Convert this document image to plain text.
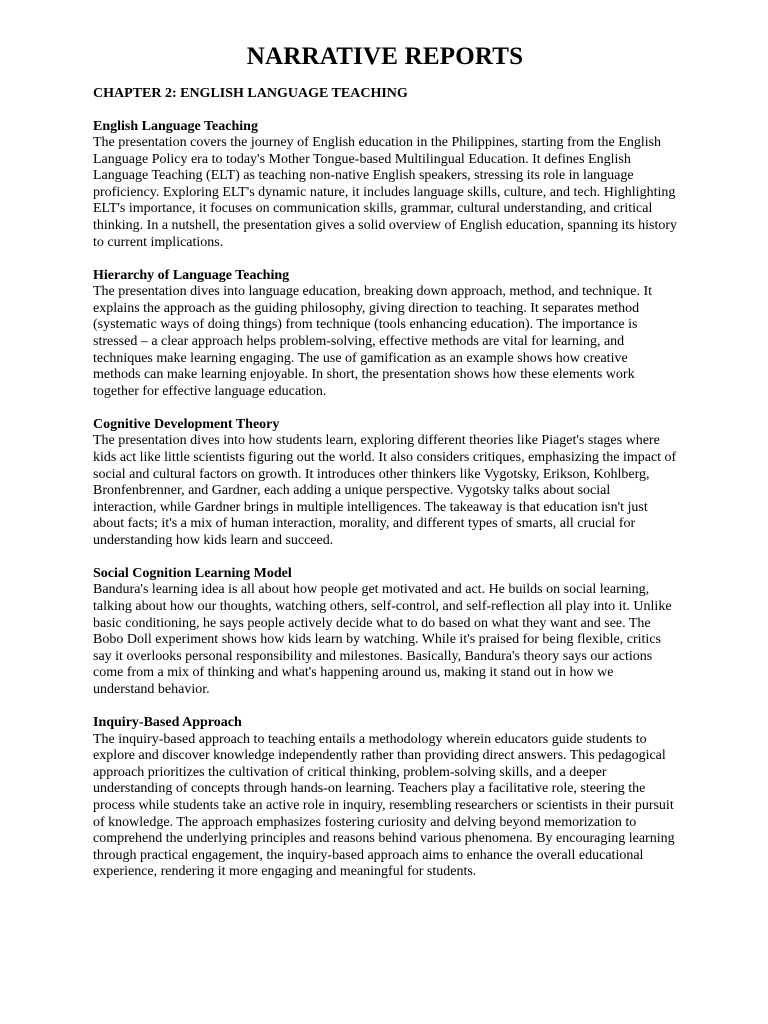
NARRATIVE REPORTS
CHAPTER 2: ENGLISH LANGUAGE TEACHING
English Language Teaching

The presentation covers the journey of English education in the Philippines, starting from the English Language Policy era to today's Mother Tongue-based Multilingual Education. It defines English Language Teaching (ELT) as teaching non-native English speakers, stressing its role in language proficiency. Exploring ELT's dynamic nature, it includes language skills, culture, and tech. Highlighting ELT's importance, it focuses on communication skills, grammar, cultural understanding, and critical thinking. In a nutshell, the presentation gives a solid overview of English education, spanning its history to current implications.

Hierarchy of Language Teaching

The presentation dives into language education, breaking down approach, method, and technique. It explains the approach as the guiding philosophy, giving direction to teaching. It separates method (systematic ways of doing things) from technique (tools enhancing education). The importance is stressed – a clear approach helps problem-solving, effective methods are vital for learning, and techniques make learning engaging. The use of gamification as an example shows how creative methods can make learning enjoyable. In short, the presentation shows how these elements work together for effective language education.

Cognitive Development Theory

The presentation dives into how students learn, exploring different theories like Piaget's stages where kids act like little scientists figuring out the world. It also considers critiques, emphasizing the impact of social and cultural factors on growth. It introduces other thinkers like Vygotsky, Erikson, Kohlberg, Bronfenbrenner, and Gardner, each adding a unique perspective. Vygotsky talks about social interaction, while Gardner brings in multiple intelligences. The takeaway is that education isn't just about facts; it's a mix of human interaction, morality, and different types of smarts, all crucial for understanding how kids learn and succeed.

Social Cognition Learning Model

Bandura's learning idea is all about how people get motivated and act. He builds on social learning, talking about how our thoughts, watching others, self-control, and self-reflection all play into it. Unlike basic conditioning, he says people actively decide what to do based on what they want and see. The Bobo Doll experiment shows how kids learn by watching. While it's praised for being flexible, critics say it overlooks personal responsibility and milestones. Basically, Bandura's theory says our actions come from a mix of thinking and what's happening around us, making it stand out in how we understand behavior.

Inquiry-Based Approach

The inquiry-based approach to teaching entails a methodology wherein educators guide students to explore and discover knowledge independently rather than providing direct answers. This pedagogical approach prioritizes the cultivation of critical thinking, problem-solving skills, and a deeper understanding of concepts through hands-on learning. Teachers play a facilitative role, steering the process while students take an active role in inquiry, resembling researchers or scientists in their pursuit of knowledge. The approach emphasizes fostering curiosity and delving beyond memorization to comprehend the underlying principles and reasons behind various phenomena. By encouraging learning through practical engagement, the inquiry-based approach aims to enhance the overall educational experience, rendering it more engaging and meaningful for students.
